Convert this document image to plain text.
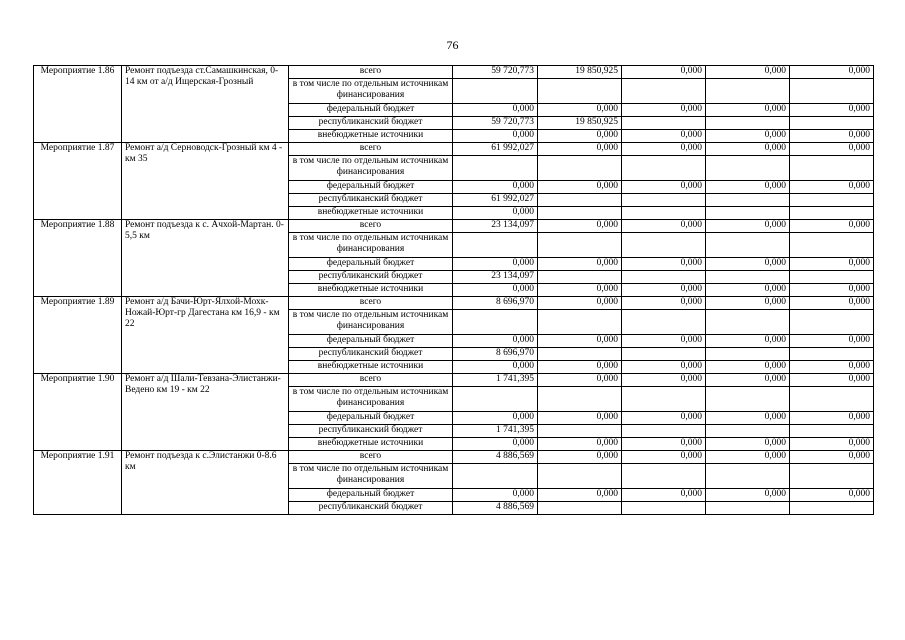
76
Мероприятие 1.86	Ремонт подъезда ст.Самашкинская, 0-14 км от а/д Ищерская-Грозный	всего	59 720,773	19 850,925	0,000	0,000	0,000
		в том числе по отдельным источникам финансирования					
		федеральный бюджет	0,000	0,000	0,000	0,000	0,000
		республиканский бюджет	59 720,773	19 850,925			
		внебюджетные источники	0,000	0,000	0,000	0,000	0,000
Мероприятие 1.87	Ремонт а/д Серноводск-Грозный км 4 - км 35	всего	61 992,027	0,000	0,000	0,000	0,000
		в том числе по отдельным источникам финансирования					
		федеральный бюджет	0,000	0,000	0,000	0,000	0,000
		республиканский бюджет	61 992,027				
		внебюджетные источники	0,000				
Мероприятие 1.88	Ремонт подъезда к с. Ачхой-Мартан. 0-5,5 км	всего	23 134,097	0,000	0,000	0,000	0,000
		в том числе по отдельным источникам финансирования					
		федеральный бюджет	0,000	0,000	0,000	0,000	0,000
		республиканский бюджет	23 134,097				
		внебюджетные источники	0,000	0,000	0,000	0,000	0,000
Мероприятие 1.89	Ремонт а/д Бачи-Юрт-Ялхой-Мохк-Ножай-Юрт-гр Дагестана км 16,9 - км 22	всего	8 696,970	0,000	0,000	0,000	0,000
		в том числе по отдельным источникам финансирования					
		федеральный бюджет	0,000	0,000	0,000	0,000	0,000
		республиканский бюджет	8 696,970				
		внебюджетные источники	0,000	0,000	0,000	0,000	0,000
Мероприятие 1.90	Ремонт а/д Шали-Тевзана-Элистанжи-Ведено км 19 - км 22	всего	1 741,395	0,000	0,000	0,000	0,000
		в том числе по отдельным источникам финансирования					
		федеральный бюджет	0,000	0,000	0,000	0,000	0,000
		республиканский бюджет	1 741,395				
		внебюджетные источники	0,000	0,000	0,000	0,000	0,000
Мероприятие 1.91	Ремонт подъезда к с.Элистанжи 0-8.6 км	всего	4 886,569	0,000	0,000	0,000	0,000
		в том числе по отдельным источникам финансирования					
		федеральный бюджет	0,000	0,000	0,000	0,000	0,000
		республиканский бюджет	4 886,569				
